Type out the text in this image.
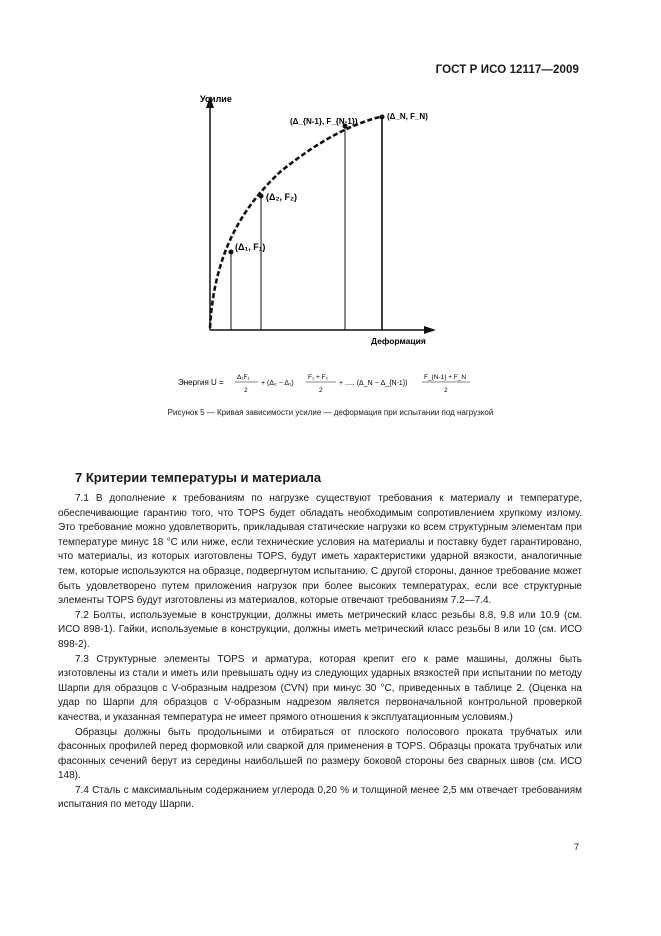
ГОСТ Р ИСО 12117—2009
Усилие
Деформация
(Δ₁, F₁)
(Δ₂, F₂)
(Δ_{N-1}, F_{N-1})
(Δ_N, F_N)
Энергия U =
Δ₁F₁
2
+ (Δ₂ − Δ₁)
F₁ + F₂
2
+ ..... (Δ_N − Δ_{N-1})
F_{N-1} + F_N
2
Рисунок 5 — Кривая зависимости усилие — деформация при испытании под нагрузкой
7 Критерии температуры и материала

7.1 В дополнение к требованиям по нагрузке существуют требования к материалу и температуре, обеспечивающие гарантию того, что TOPS будет обладать необходимым сопротивлением хрупкому излому. Это требование можно удовлетворить, прикладывая статические нагрузки ко всем структурным элементам при температуре минус 18 °С или ниже, если технические условия на материалы и поставку будет гарантировано, что материалы, из которых изготовлены TOPS, будут иметь характеристики ударной вязкости, аналогичные тем, которые используются на образце, подвергнутом испытанию. С другой стороны, данное требование может быть удовлетворено путем приложения нагрузок при более высоких температурах, если все структурные элементы TOPS будут изготовлены из материалов, которые отвечают требованиям 7.2—7.4.

7.2 Болты, используемые в конструкции, должны иметь метрический класс резьбы 8.8, 9.8 или 10.9 (см. ИСО 898-1). Гайки, используемые в конструкции, должны иметь метрический класс резьбы 8 или 10 (см. ИСО 898-2).

7.3 Структурные элементы TOPS и арматура, которая крепит его к раме машины, должны быть изготовлены из стали и иметь или превышать одну из следующих ударных вязкостей при испытании по методу Шарпи для образцов с V-образным надрезом (CVN) при минус 30 °С, приведенных в таблице 2. (Оценка на удар по Шарпи для образцов с V-образным надрезом является первоначальной контрольной проверкой качества, и указанная температура не имеет прямого отношения к эксплуатационным условиям.)

Образцы должны быть продольными и отбираться от плоского полосового проката трубчатых или фасонных профилей перед формовкой или сваркой для применения в TOPS. Образцы проката трубчатых или фасонных сечений берут из середины наибольшей по размеру боковой стороны без сварных швов (см. ИСО 148).

7.4 Сталь с максимальным содержанием углерода 0,20 % и толщиной менее 2,5 мм отвечает требованиям испытания по методу Шарпи.

7
